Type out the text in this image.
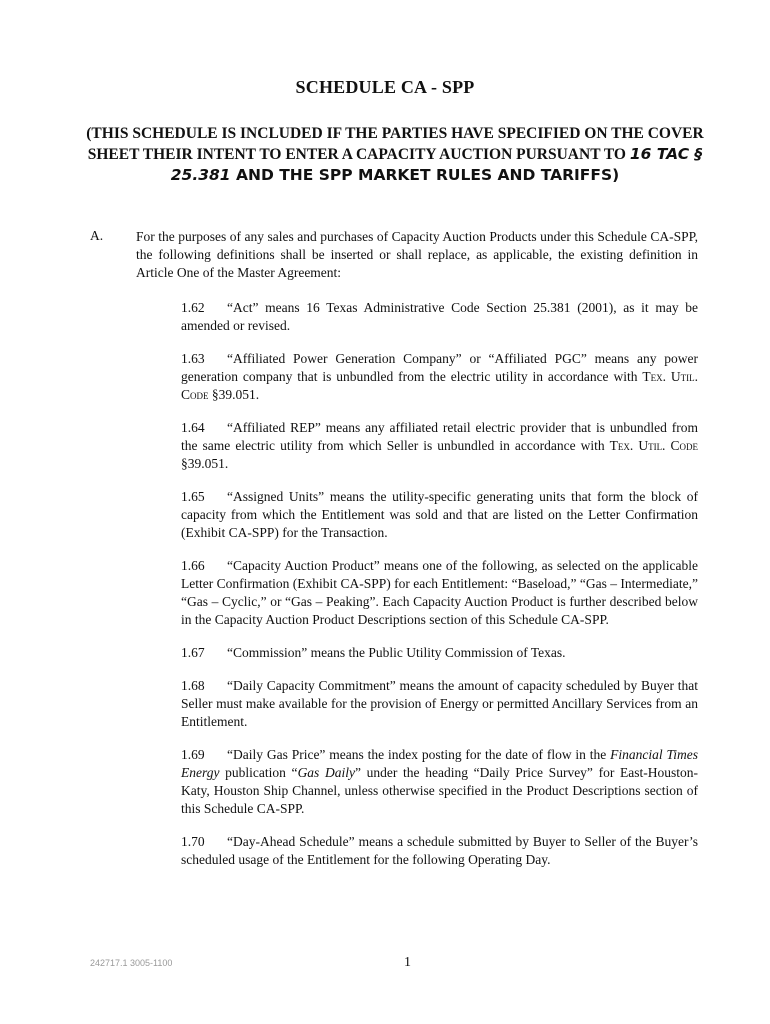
SCHEDULE CA - SPP
(THIS SCHEDULE IS INCLUDED IF THE PARTIES HAVE SPECIFIED ON THE COVER SHEET THEIR INTENT TO ENTER A CAPACITY AUCTION PURSUANT TO 16 TAC § 25.381 AND THE SPP MARKET RULES AND TARIFFS)
A. For the purposes of any sales and purchases of Capacity Auction Products under this Schedule CA-SPP, the following definitions shall be inserted or shall replace, as applicable, the existing definition in Article One of the Master Agreement:

1.62 “Act” means 16 Texas Administrative Code Section 25.381 (2001), as it may be amended or revised.

1.63 “Affiliated Power Generation Company” or “Affiliated PGC” means any power generation company that is unbundled from the electric utility in accordance with Tex. Util. Code §39.051.

1.64 “Affiliated REP” means any affiliated retail electric provider that is unbundled from the same electric utility from which Seller is unbundled in accordance with Tex. Util. Code §39.051.

1.65 “Assigned Units” means the utility-specific generating units that form the block of capacity from which the Entitlement was sold and that are listed on the Letter Confirmation (Exhibit CA-SPP) for the Transaction.

1.66 “Capacity Auction Product” means one of the following, as selected on the applicable Letter Confirmation (Exhibit CA-SPP) for each Entitlement: “Baseload,” “Gas – Intermediate,” “Gas – Cyclic,” or “Gas – Peaking”. Each Capacity Auction Product is further described below in the Capacity Auction Product Descriptions section of this Schedule CA-SPP.

1.67 “Commission” means the Public Utility Commission of Texas.

1.68 “Daily Capacity Commitment” means the amount of capacity scheduled by Buyer that Seller must make available for the provision of Energy or permitted Ancillary Services from an Entitlement.

1.69 “Daily Gas Price” means the index posting for the date of flow in the Financial Times Energy publication “Gas Daily” under the heading “Daily Price Survey” for East-Houston-Katy, Houston Ship Channel, unless otherwise specified in the Product Descriptions section of this Schedule CA-SPP.

1.70 “Day-Ahead Schedule” means a schedule submitted by Buyer to Seller of the Buyer’s scheduled usage of the Entitlement for the following Operating Day.

242717.1 3005-1100	1
